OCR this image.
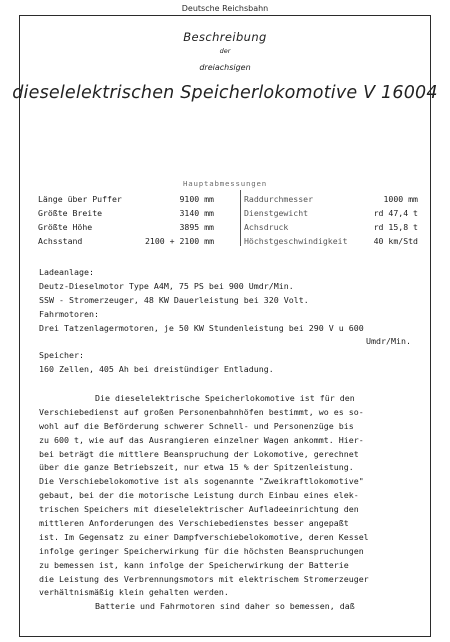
Deutsche Reichsbahn
Beschreibung
der
dreiachsigen
dieselelektrischen Speicherlokomotive V 16004
Hauptabmessungen
Länge über Puffer	9100 mm	Raddurchmesser	1000 mm
Größte Breite	3140 mm	Dienstgewicht	rd 47,4 t
Größte Höhe	3895 mm	Achsdruck	rd 15,8 t
Achsstand	2100 + 2100 mm	Höchstgeschwindigkeit	40 km/Std
Ladeanlage:
Deutz-Dieselmotor Type A4M, 75 PS bei 900 Umdr/Min.
SSW - Stromerzeuger, 48 KW Dauerleistung bei 320 Volt.
Fahrmotoren:
Drei Tatzenlagermotoren, je 50 KW Stundenleistung bei 290 V u 600
Umdr/Min.
Speicher:
160 Zellen, 405 Ah bei dreistündiger Entladung.
Die dieselelektrische Speicherlokomotive ist für den
Verschiebedienst auf großen Personenbahnhöfen bestimmt, wo es so-
wohl auf die Beförderung schwerer Schnell- und Personenzüge bis
zu 600 t, wie auf das Ausrangieren einzelner Wagen ankommt. Hier-
bei beträgt die mittlere Beanspruchung der Lokomotive, gerechnet
über die ganze Betriebszeit, nur etwa 15 % der Spitzenleistung.
Die Verschiebelokomotive ist als sogenannte "Zweikraftlokomotive"
gebaut, bei der die motorische Leistung durch Einbau eines elek-
trischen Speichers mit dieselelektrischer Aufladeeinrichtung den
mittleren Anforderungen des Verschiebedienstes besser angepaßt
ist. Im Gegensatz zu einer Dampfverschiebelokomotive, deren Kessel
infolge geringer Speicherwirkung für die höchsten Beanspruchungen
zu bemessen ist, kann infolge der Speicherwirkung der Batterie
die Leistung des Verbrennungsmotors mit elektrischem Stromerzeuger
verhältnismäßig klein gehalten werden.
Batterie und Fahrmotoren sind daher so bemessen, daß
